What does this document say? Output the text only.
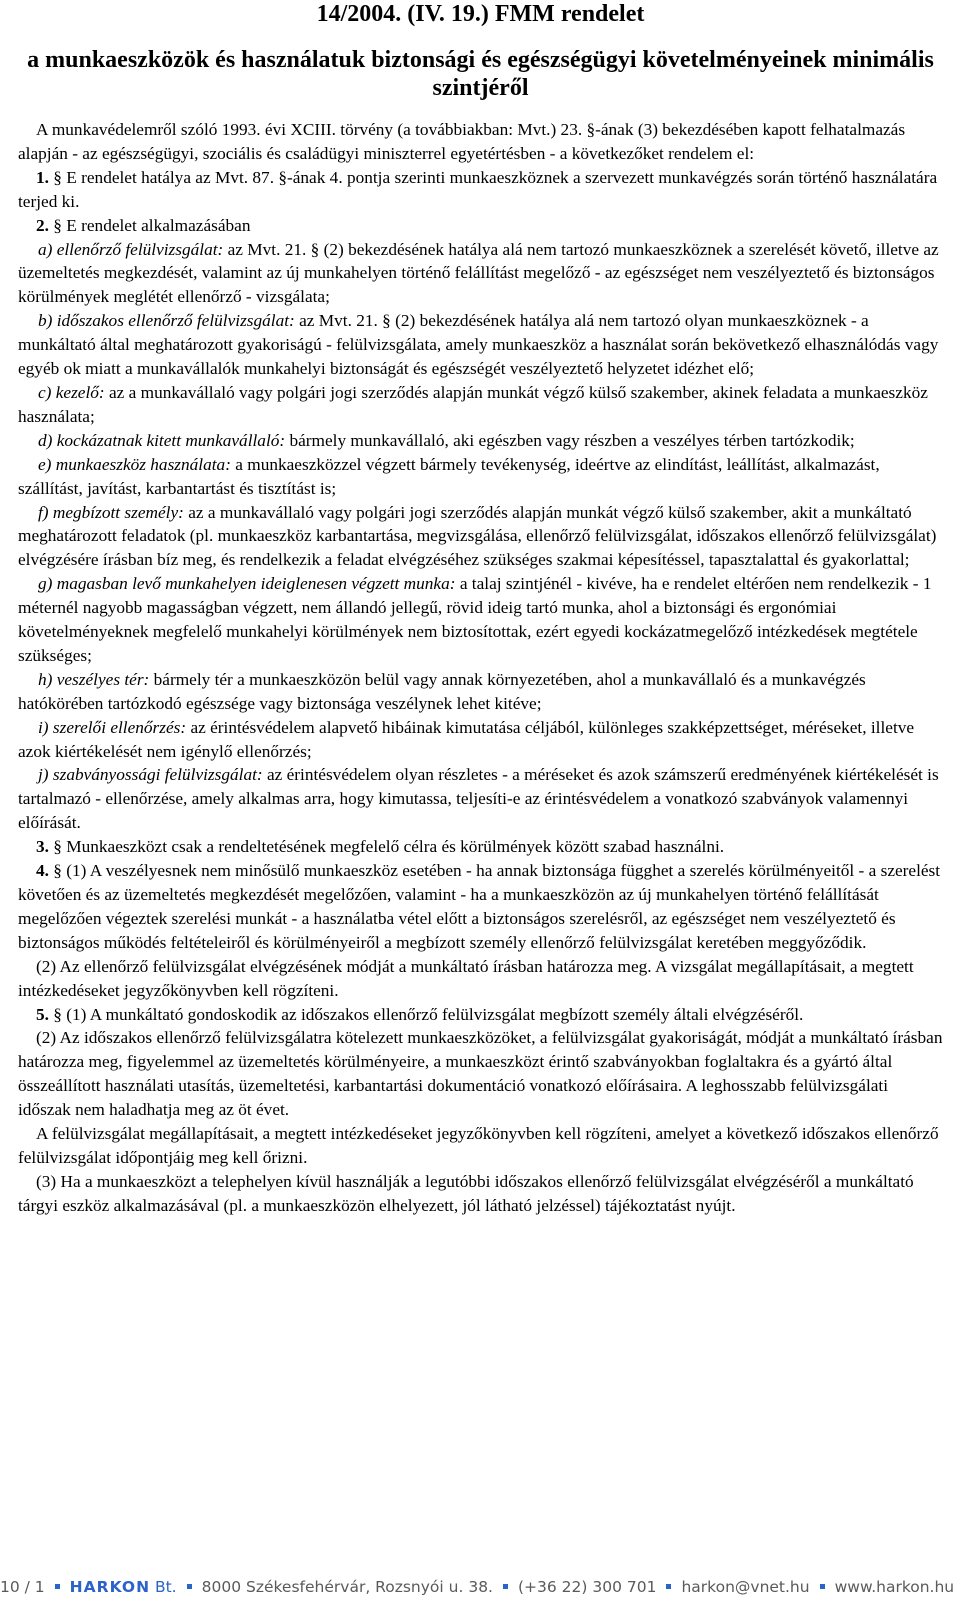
14/2004. (IV. 19.) FMM rendelet
a munkaeszközök és használatuk biztonsági és egészségügyi követelményeinek minimális szintjéről

A munkavédelemről szóló 1993. évi XCIII. törvény (a továbbiakban: Mvt.) 23. §-ának (3) bekezdésében kapott felhatalmazás alapján - az egészségügyi, szociális és családügyi miniszterrel egyetértésben - a következőket rendelem el:

1. § E rendelet hatálya az Mvt. 87. §-ának 4. pontja szerinti munkaeszköznek a szervezett munkavégzés során történő használatára terjed ki.

2. § E rendelet alkalmazásában

a) ellenőrző felülvizsgálat: az Mvt. 21. § (2) bekezdésének hatálya alá nem tartozó munkaeszköznek a szerelését követő, illetve az üzemeltetés megkezdését, valamint az új munkahelyen történő felállítást megelőző - az egészséget nem veszélyeztető és biztonságos körülmények meglétét ellenőrző - vizsgálata;

b) időszakos ellenőrző felülvizsgálat: az Mvt. 21. § (2) bekezdésének hatálya alá nem tartozó olyan munkaeszköznek - a munkáltató által meghatározott gyakoriságú - felülvizsgálata, amely munkaeszköz a használat során bekövetkező elhasználódás vagy egyéb ok miatt a munkavállalók munkahelyi biztonságát és egészségét veszélyeztető helyzetet idézhet elő;

c) kezelő: az a munkavállaló vagy polgári jogi szerződés alapján munkát végző külső szakember, akinek feladata a munkaeszköz használata;

d) kockázatnak kitett munkavállaló: bármely munkavállaló, aki egészben vagy részben a veszélyes térben tartózkodik;

e) munkaeszköz használata: a munkaeszközzel végzett bármely tevékenység, ideértve az elindítást, leállítást, alkalmazást, szállítást, javítást, karbantartást és tisztítást is;

f) megbízott személy: az a munkavállaló vagy polgári jogi szerződés alapján munkát végző külső szakember, akit a munkáltató meghatározott feladatok (pl. munkaeszköz karbantartása, megvizsgálása, ellenőrző felülvizsgálat, időszakos ellenőrző felülvizsgálat) elvégzésére írásban bíz meg, és rendelkezik a feladat elvégzéséhez szükséges szakmai képesítéssel, tapasztalattal és gyakorlattal;

g) magasban levő munkahelyen ideiglenesen végzett munka: a talaj szintjénél - kivéve, ha e rendelet eltérően nem rendelkezik - 1 méternél nagyobb magasságban végzett, nem állandó jellegű, rövid ideig tartó munka, ahol a biztonsági és ergonómiai követelményeknek megfelelő munkahelyi körülmények nem biztosítottak, ezért egyedi kockázatmegelőző intézkedések megtétele szükséges;

h) veszélyes tér: bármely tér a munkaeszközön belül vagy annak környezetében, ahol a munkavállaló és a munkavégzés hatókörében tartózkodó egészsége vagy biztonsága veszélynek lehet kitéve;

i) szerelői ellenőrzés: az érintésvédelem alapvető hibáinak kimutatása céljából, különleges szakképzettséget, méréseket, illetve azok kiértékelését nem igénylő ellenőrzés;

j) szabványossági felülvizsgálat: az érintésvédelem olyan részletes - a méréseket és azok számszerű eredményének kiértékelését is tartalmazó - ellenőrzése, amely alkalmas arra, hogy kimutassa, teljesíti-e az érintésvédelem a vonatkozó szabványok valamennyi előírását.

3. § Munkaeszközt csak a rendeltetésének megfelelő célra és körülmények között szabad használni.

4. § (1) A veszélyesnek nem minősülő munkaeszköz esetében - ha annak biztonsága függhet a szerelés körülményeitől - a szerelést követően és az üzemeltetés megkezdését megelőzően, valamint - ha a munkaeszközön az új munkahelyen történő felállítását megelőzően végeztek szerelési munkát - a használatba vétel előtt a biztonságos szerelésről, az egészséget nem veszélyeztető és biztonságos működés feltételeiről és körülményeiről a megbízott személy ellenőrző felülvizsgálat keretében meggyőződik.

(2) Az ellenőrző felülvizsgálat elvégzésének módját a munkáltató írásban határozza meg. A vizsgálat megállapításait, a megtett intézkedéseket jegyzőkönyvben kell rögzíteni.

5. § (1) A munkáltató gondoskodik az időszakos ellenőrző felülvizsgálat megbízott személy általi elvégzéséről.

(2) Az időszakos ellenőrző felülvizsgálatra kötelezett munkaeszközöket, a felülvizsgálat gyakoriságát, módját a munkáltató írásban határozza meg, figyelemmel az üzemeltetés körülményeire, a munkaeszközt érintő szabványokban foglaltakra és a gyártó által összeállított használati utasítás, üzemeltetési, karbantartási dokumentáció vonatkozó előírásaira. A leghosszabb felülvizsgálati időszak nem haladhatja meg az öt évet.

A felülvizsgálat megállapításait, a megtett intézkedéseket jegyzőkönyvben kell rögzíteni, amelyet a következő időszakos ellenőrző felülvizsgálat időpontjáig meg kell őrizni.

(3) Ha a munkaeszközt a telephelyen kívül használják a legutóbbi időszakos ellenőrző felülvizsgálat elvégzéséről a munkáltató tárgyi eszköz alkalmazásával (pl. a munkaeszközön elhelyezett, jól látható jelzéssel) tájékoztatást nyújt.

10 / 1 HARKON Bt. 8000 Székesfehérvár, Rozsnyói u. 38. (+36 22) 300 701 harkon@vnet.hu www.harkon.hu
